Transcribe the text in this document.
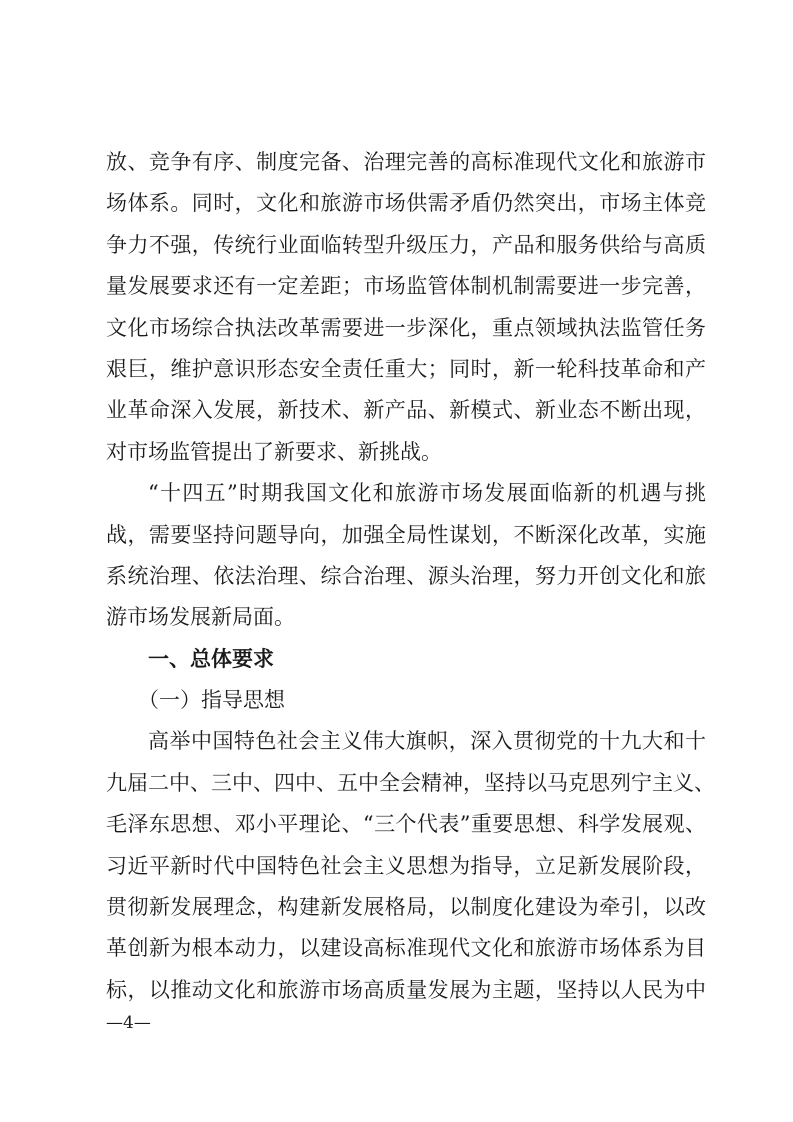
放、竞争有序、制度完备、治理完善的高标准现代文化和旅游市
场体系。同时，文化和旅游市场供需矛盾仍然突出，市场主体竞
争力不强，传统行业面临转型升级压力，产品和服务供给与高质
量发展要求还有一定差距；市场监管体制机制需要进一步完善，
文化市场综合执法改革需要进一步深化，重点领域执法监管任务
艰巨，维护意识形态安全责任重大；同时，新一轮科技革命和产
业革命深入发展，新技术、新产品、新模式、新业态不断出现，
对市场监管提出了新要求、新挑战。
“十四五”时期我国文化和旅游市场发展面临新的机遇与挑
战，需要坚持问题导向，加强全局性谋划，不断深化改革，实施
系统治理、依法治理、综合治理、源头治理，努力开创文化和旅
游市场发展新局面。
一、总体要求
（一）指导思想
高举中国特色社会主义伟大旗帜，深入贯彻党的十九大和十
九届二中、三中、四中、五中全会精神，坚持以马克思列宁主义、
毛泽东思想、邓小平理论、“三个代表”重要思想、科学发展观、
习近平新时代中国特色社会主义思想为指导，立足新发展阶段，
贯彻新发展理念，构建新发展格局，以制度化建设为牵引，以改
革创新为根本动力，以建设高标准现代文化和旅游市场体系为目
标，以推动文化和旅游市场高质量发展为主题，坚持以人民为中
—4—
